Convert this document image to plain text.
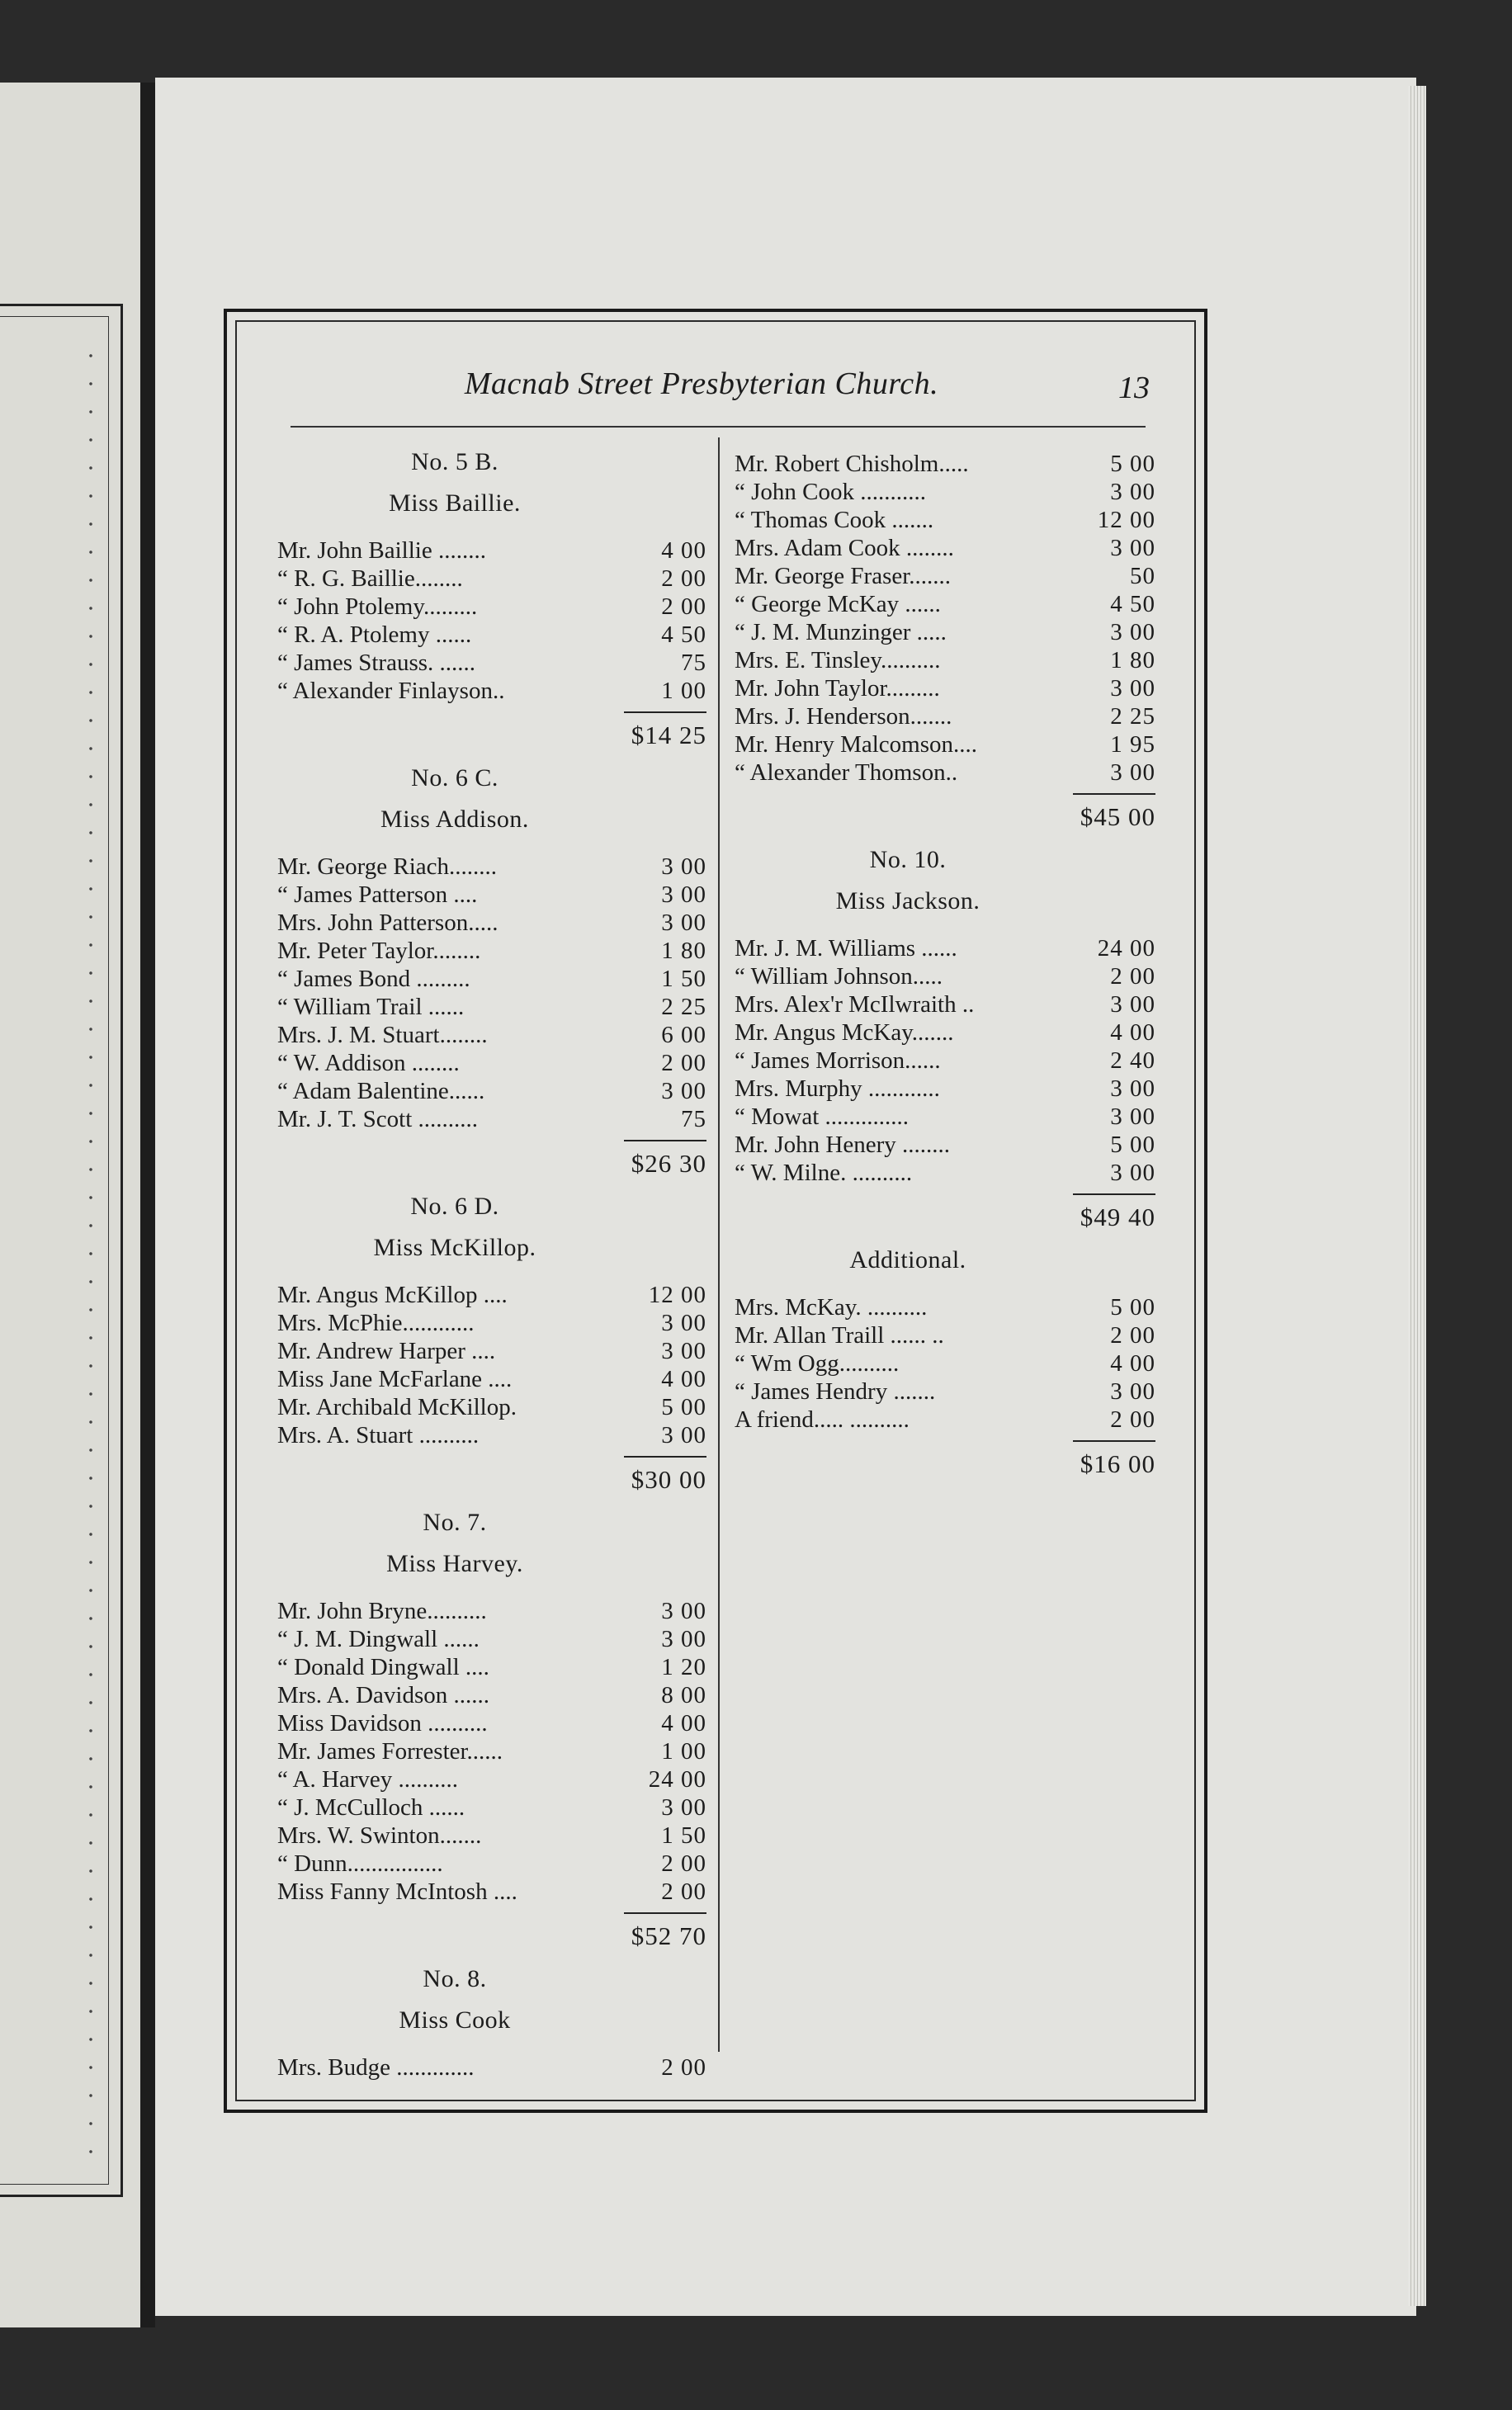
Macnab Street Presbyterian Church.	13
No. 5 B.
Miss Baillie.
Mr. John Baillie ........	4 00
“ R. G. Baillie........	2 00
“ John Ptolemy.........	2 00
“ R. A. Ptolemy ......	4 50
“ James Strauss. ......	75
“ Alexander Finlayson..	1 00
$14 25
No. 6 C.
Miss Addison.
Mr. George Riach........	3 00
“ James Patterson ....	3 00
Mrs. John Patterson.....	3 00
Mr. Peter Taylor........	1 80
“ James Bond .........	1 50
“ William Trail ......	2 25
Mrs. J. M. Stuart........	6 00
“ W. Addison ........	2 00
“ Adam Balentine......	3 00
Mr. J. T. Scott ..........	75
$26 30
No. 6 D.
Miss McKillop.
Mr. Angus McKillop ....	12 00
Mrs. McPhie............	3 00
Mr. Andrew Harper ....	3 00
Miss Jane McFarlane ....	4 00
Mr. Archibald McKillop.	5 00
Mrs. A. Stuart ..........	3 00
$30 00
No. 7.
Miss Harvey.
Mr. John Bryne..........	3 00
“ J. M. Dingwall ......	3 00
“ Donald Dingwall ....	1 20
Mrs. A. Davidson ......	8 00
Miss Davidson ..........	4 00
Mr. James Forrester......	1 00
“ A. Harvey ..........	24 00
“ J. McCulloch ......	3 00
Mrs. W. Swinton.......	1 50
“ Dunn................	2 00
Miss Fanny McIntosh ....	2 00
$52 70
No. 8.
Miss Cook
Mrs. Budge .............	2 00
Mr. Robert Chisholm.....	5 00
“ John Cook ...........	3 00
“ Thomas Cook .......	12 00
Mrs. Adam Cook ........	3 00
Mr. George Fraser.......	50
“ George McKay ......	4 50
“ J. M. Munzinger .....	3 00
Mrs. E. Tinsley..........	1 80
Mr. John Taylor.........	3 00
Mrs. J. Henderson.......	2 25
Mr. Henry Malcomson....	1 95
“ Alexander Thomson..	3 00
$45 00
No. 10.
Miss Jackson.
Mr. J. M. Williams ......	24 00
“ William Johnson.....	2 00
Mrs. Alex'r McIlwraith ..	3 00
Mr. Angus McKay.......	4 00
“ James Morrison......	2 40
Mrs. Murphy ............	3 00
“ Mowat ..............	3 00
Mr. John Henery ........	5 00
“ W. Milne. ..........	3 00
$49 40
Additional.
Mrs. McKay. ..........	5 00
Mr. Allan Traill ...... ..	2 00
“ Wm Ogg..........	4 00
“ James Hendry .......	3 00
A friend..... ..........	2 00
$16 00
